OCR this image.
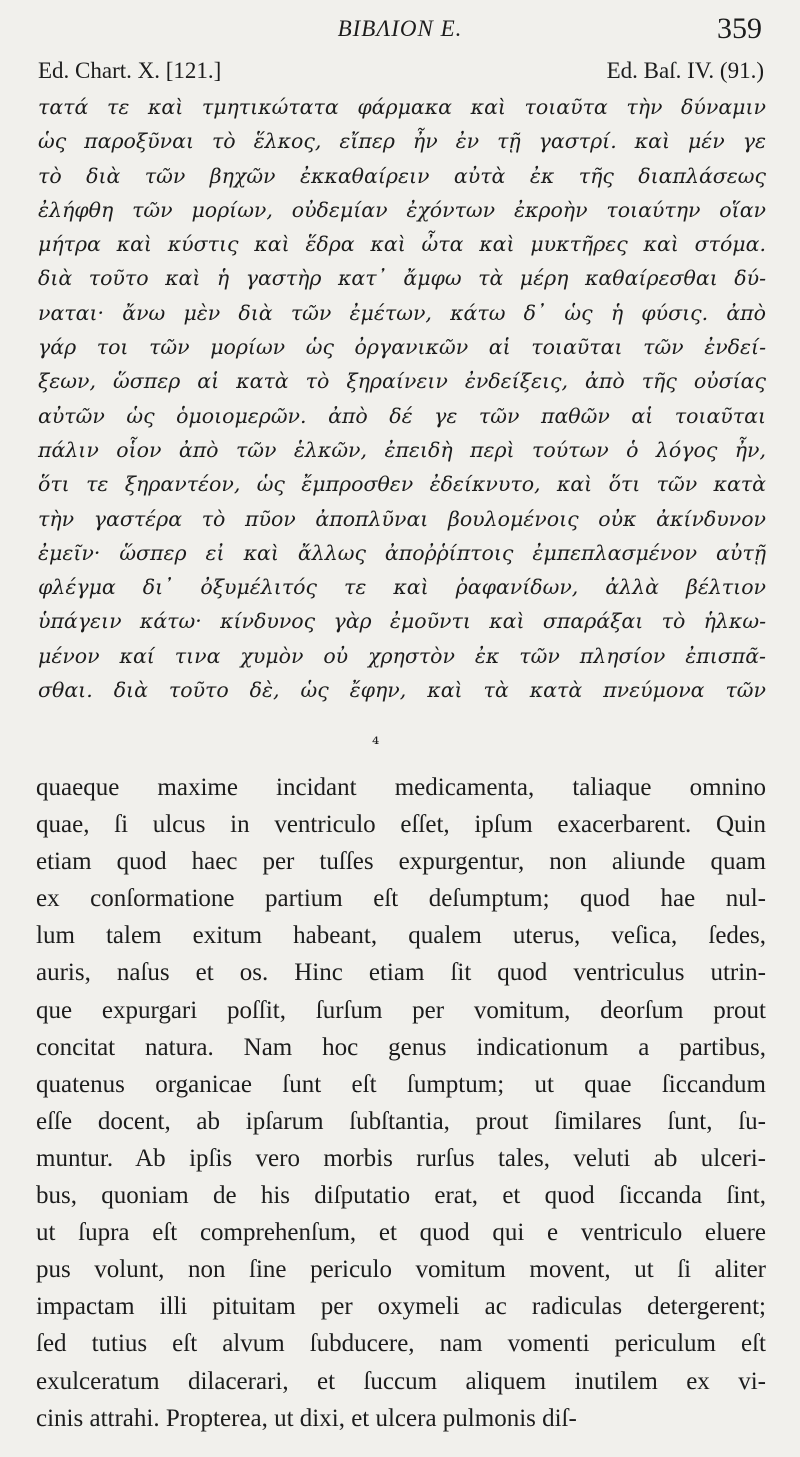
ΒΙΒΛΙΟΝ Ε.	359
Ed. Chart. X. [121.]	Ed. Baſ. IV. (91.)
τατά τε καὶ τμητικώτατα φάρμακα καὶ τοιαῦτα τὴν δύναμιν
ὡς παροξῦναι τὸ ἕλκος, εἴπερ ἦν ἐν τῇ γαστρί. καὶ μέν γε
τὸ διὰ τῶν βηχῶν ἐκκαθαίρειν αὐτὰ ἐκ τῆς διαπλάσεως
ἐλήφθη τῶν μορίων, οὐδεμίαν ἐχόντων ἐκροὴν τοιαύτην οἵαν
μήτρα καὶ κύστις καὶ ἕδρα καὶ ὦτα καὶ μυκτῆρες καὶ στόμα.
διὰ τοῦτο καὶ ἡ γαστὴρ κατ᾽ ἄμφω τὰ μέρη καθαίρεσθαι δύ-
ναται· ἄνω μὲν διὰ τῶν ἐμέτων, κάτω δ᾽ ὡς ἡ φύσις. ἀπὸ
γάρ τοι τῶν μορίων ὡς ὀργανικῶν αἱ τοιαῦται τῶν ἐνδεί-
ξεων, ὥσπερ αἱ κατὰ τὸ ξηραίνειν ἐνδείξεις, ἀπὸ τῆς οὐσίας
αὐτῶν ὡς ὁμοιομερῶν. ἀπὸ δέ γε τῶν παθῶν αἱ τοιαῦται
πάλιν οἷον ἀπὸ τῶν ἑλκῶν, ἐπειδὴ περὶ τούτων ὁ λόγος ἦν,
ὅτι τε ξηραντέον, ὡς ἔμπροσθεν ἐδείκνυτο, καὶ ὅτι τῶν κατὰ
τὴν γαστέρα τὸ πῦον ἀποπλῦναι βουλομένοις οὐκ ἀκίνδυνον
ἐμεῖν· ὥσπερ εἰ καὶ ἄλλως ἀποῤῥίπτοις ἐμπεπλασμένον αὐτῇ
φλέγμα δι᾽ ὀξυμέλιτός τε καὶ ῥαφανίδων, ἀλλὰ βέλτιον
ὑπάγειν κάτω· κίνδυνος γὰρ ἐμοῦντι καὶ σπαράξαι τὸ ἡλκω-
μένον καί τινα χυμὸν οὐ χρηστὸν ἐκ τῶν πλησίον ἐπισπᾶ-
σθαι. διὰ τοῦτο δὲ, ὡς ἔφην, καὶ τὰ κατὰ πνεύμονα τῶν
⁴
quaeque maxime incidant medicamenta, taliaque omnino
quae, ſi ulcus in ventriculo eſſet, ipſum exacerbarent. Quin
etiam quod haec per tuſſes expurgentur, non aliunde quam
ex conſormatione partium eſt deſumptum; quod hae nul-
lum talem exitum habeant, qualem uterus, veſica, ſedes,
auris, naſus et os. Hinc etiam ſit quod ventriculus utrin-
que expurgari poſſit, ſurſum per vomitum, deorſum prout
concitat natura. Nam hoc genus indicationum a partibus,
quatenus organicae ſunt eſt ſumptum; ut quae ſiccandum
eſſe docent, ab ipſarum ſubſtantia, prout ſimilares ſunt, ſu-
muntur. Ab ipſis vero morbis rurſus tales, veluti ab ulceri-
bus, quoniam de his diſputatio erat, et quod ſiccanda ſint,
ut ſupra eſt comprehenſum, et quod qui e ventriculo eluere
pus volunt, non ſine periculo vomitum movent, ut ſi aliter
impactam illi pituitam per oxymeli ac radiculas detergerent;
ſed tutius eſt alvum ſubducere, nam vomenti periculum eſt
exulceratum dilacerari, et ſuccum aliquem inutilem ex vi-
cinis attrahi. Propterea, ut dixi, et ulcera pulmonis diſ-
